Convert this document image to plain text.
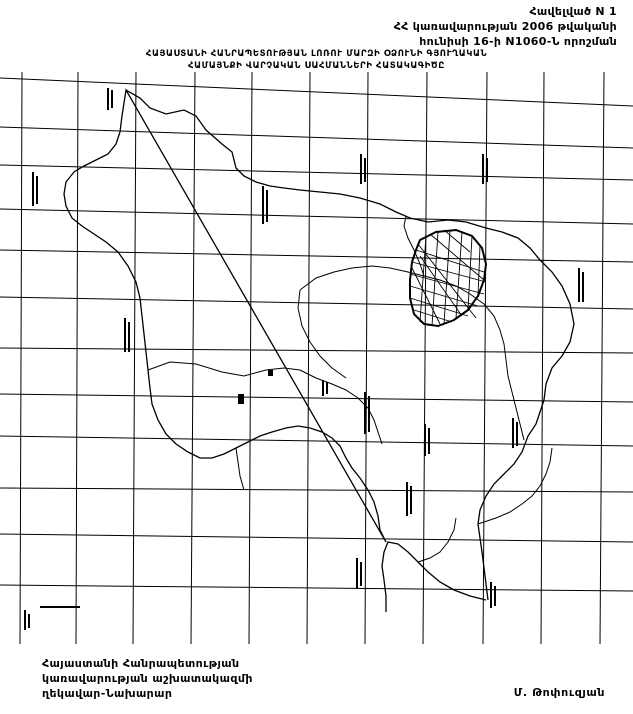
Հավելված N 1
ՀՀ կառավարության 2006 թվականի
հունիսի 16-ի N1060-Ն որոշման
ՀԱՅԱՍՏԱՆԻ ՀԱՆՐԱՊԵՏՈՒԹՅԱՆ ԼՈՌՈՒ ՄԱՐԶԻ ՕՁՈՒՆԻ ԳՅՈՒՂԱԿԱՆ
ՀԱՄԱՅՆՔԻ ՎԱՐՉԱԿԱՆ ՍԱՀՄԱՆՆԵՐԻ ՀԱՏԱԿԱԳԻԾԸ
Հայաստանի Հանրապետության
կառավարության աշխատակազմի
ղեկավար-Նախարար	Մ. Թոփուզյան
